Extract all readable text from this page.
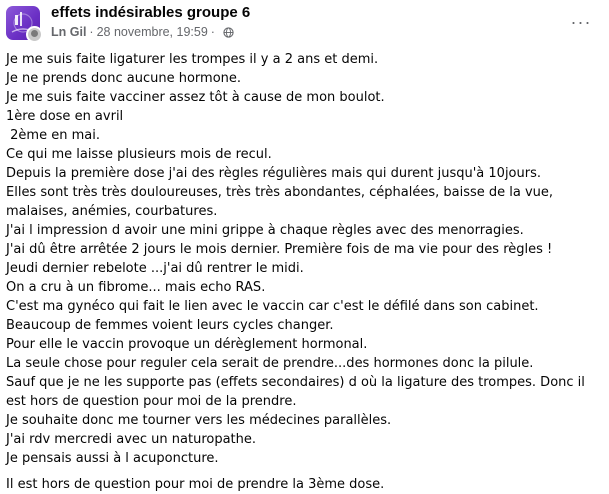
effets indésirables groupe 6
Ln Gil · 28 novembre, 19:59 ·
···
Je me suis faite ligaturer les trompes il y a 2 ans et demi.
Je ne prends donc aucune hormone.
Je me suis faite vacciner assez tôt à cause de mon boulot.
1ère dose en avril
2ème en mai.
Ce qui me laisse plusieurs mois de recul.
Depuis la première dose j'ai des règles régulières mais qui durent jusqu'à 10jours.
Elles sont très très douloureuses, très très abondantes, céphalées, baisse de la vue, malaises, anémies, courbatures.
J'ai l impression d avoir une mini grippe à chaque règles avec des menorragies.
J'ai dû être arrêtée 2 jours le mois dernier. Première fois de ma vie pour des règles !
Jeudi dernier rebelote ...j'ai dû rentrer le midi.
On a cru à un fibrome... mais echo RAS.
C'est ma gynéco qui fait le lien avec le vaccin car c'est le défilé dans son cabinet. Beaucoup de femmes voient leurs cycles changer.
Pour elle le vaccin provoque un dérèglement hormonal.
La seule chose pour reguler cela serait de prendre...des hormones donc la pilule.
Sauf que je ne les supporte pas (effets secondaires) d où la ligature des trompes. Donc il est hors de question pour moi de la prendre.
Je souhaite donc me tourner vers les médecines parallèles.
J'ai rdv mercredi avec un naturopathe.
Je pensais aussi à l acuponcture.
Il est hors de question pour moi de prendre la 3ème dose.
